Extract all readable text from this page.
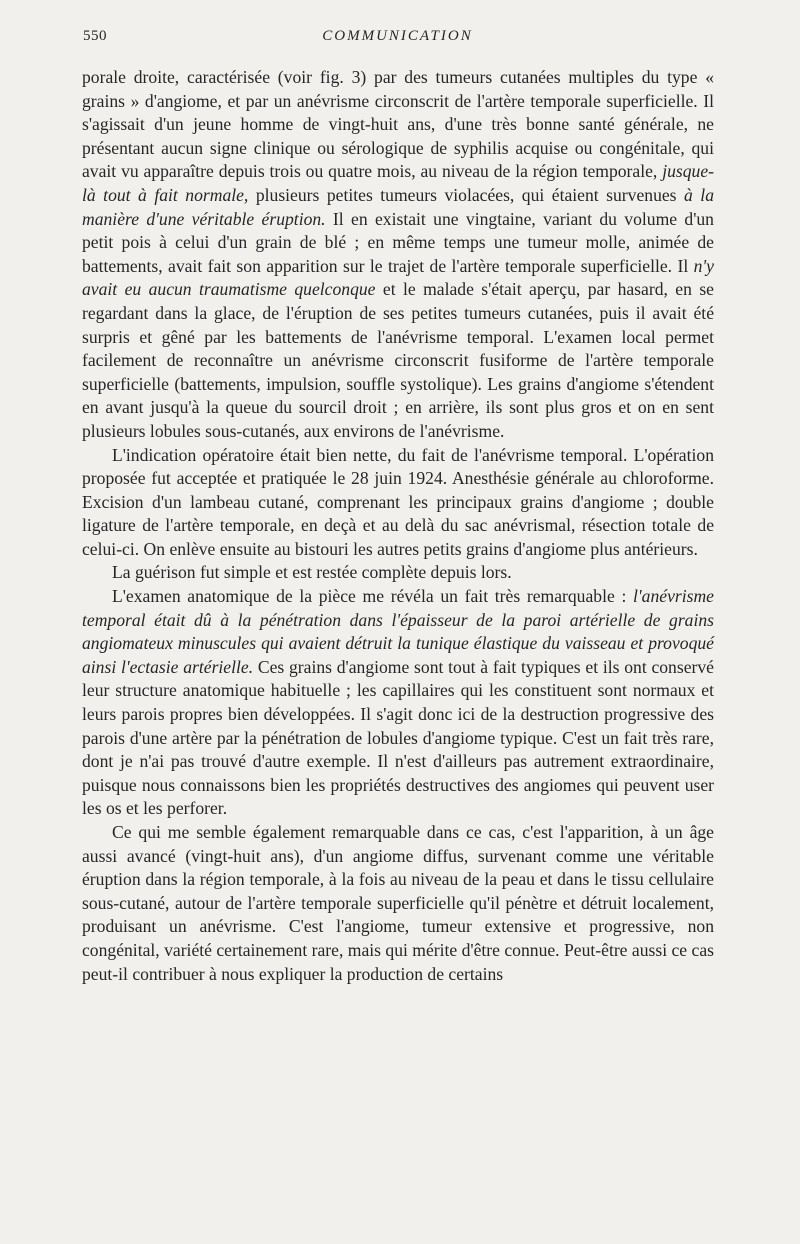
550	COMMUNICATION

porale droite, caractérisée (voir fig. 3) par des tumeurs cutanées multiples du type « grains » d'angiome, et par un anévrisme circonscrit de l'artère temporale superficielle. Il s'agissait d'un jeune homme de vingt-huit ans, d'une très bonne santé générale, ne présentant aucun signe clinique ou sérologique de syphilis acquise ou congénitale, qui avait vu apparaître depuis trois ou quatre mois, au niveau de la région temporale, jusque-là tout à fait normale, plusieurs petites tumeurs violacées, qui étaient survenues à la manière d'une véritable éruption. Il en existait une vingtaine, variant du volume d'un petit pois à celui d'un grain de blé ; en même temps une tumeur molle, animée de battements, avait fait son apparition sur le trajet de l'artère temporale superficielle. Il n'y avait eu aucun traumatisme quelconque et le malade s'était aperçu, par hasard, en se regardant dans la glace, de l'éruption de ses petites tumeurs cutanées, puis il avait été surpris et gêné par les battements de l'anévrisme temporal. L'examen local permet facilement de reconnaître un anévrisme circonscrit fusiforme de l'artère temporale superficielle (battements, impulsion, souffle systolique). Les grains d'angiome s'étendent en avant jusqu'à la queue du sourcil droit ; en arrière, ils sont plus gros et on en sent plusieurs lobules sous-cutanés, aux environs de l'anévrisme.

L'indication opératoire était bien nette, du fait de l'anévrisme temporal. L'opération proposée fut acceptée et pratiquée le 28 juin 1924. Anesthésie générale au chloroforme. Excision d'un lambeau cutané, comprenant les principaux grains d'angiome ; double ligature de l'artère temporale, en deçà et au delà du sac anévrismal, résection totale de celui-ci. On enlève ensuite au bistouri les autres petits grains d'angiome plus antérieurs.

La guérison fut simple et est restée complète depuis lors.

L'examen anatomique de la pièce me révéla un fait très remarquable : l'anévrisme temporal était dû à la pénétration dans l'épaisseur de la paroi artérielle de grains angiomateux minuscules qui avaient détruit la tunique élastique du vaisseau et provoqué ainsi l'ectasie artérielle. Ces grains d'angiome sont tout à fait typiques et ils ont conservé leur structure anatomique habituelle ; les capillaires qui les constituent sont normaux et leurs parois propres bien développées. Il s'agit donc ici de la destruction progressive des parois d'une artère par la pénétration de lobules d'angiome typique. C'est un fait très rare, dont je n'ai pas trouvé d'autre exemple. Il n'est d'ailleurs pas autrement extraordinaire, puisque nous connaissons bien les propriétés destructives des angiomes qui peuvent user les os et les perforer.

Ce qui me semble également remarquable dans ce cas, c'est l'apparition, à un âge aussi avancé (vingt-huit ans), d'un angiome diffus, survenant comme une véritable éruption dans la région temporale, à la fois au niveau de la peau et dans le tissu cellulaire sous-cutané, autour de l'artère temporale superficielle qu'il pénètre et détruit localement, produisant un anévrisme. C'est l'angiome, tumeur extensive et progressive, non congénital, variété certainement rare, mais qui mérite d'être connue. Peut-être aussi ce cas peut-il contribuer à nous expliquer la production de certains
